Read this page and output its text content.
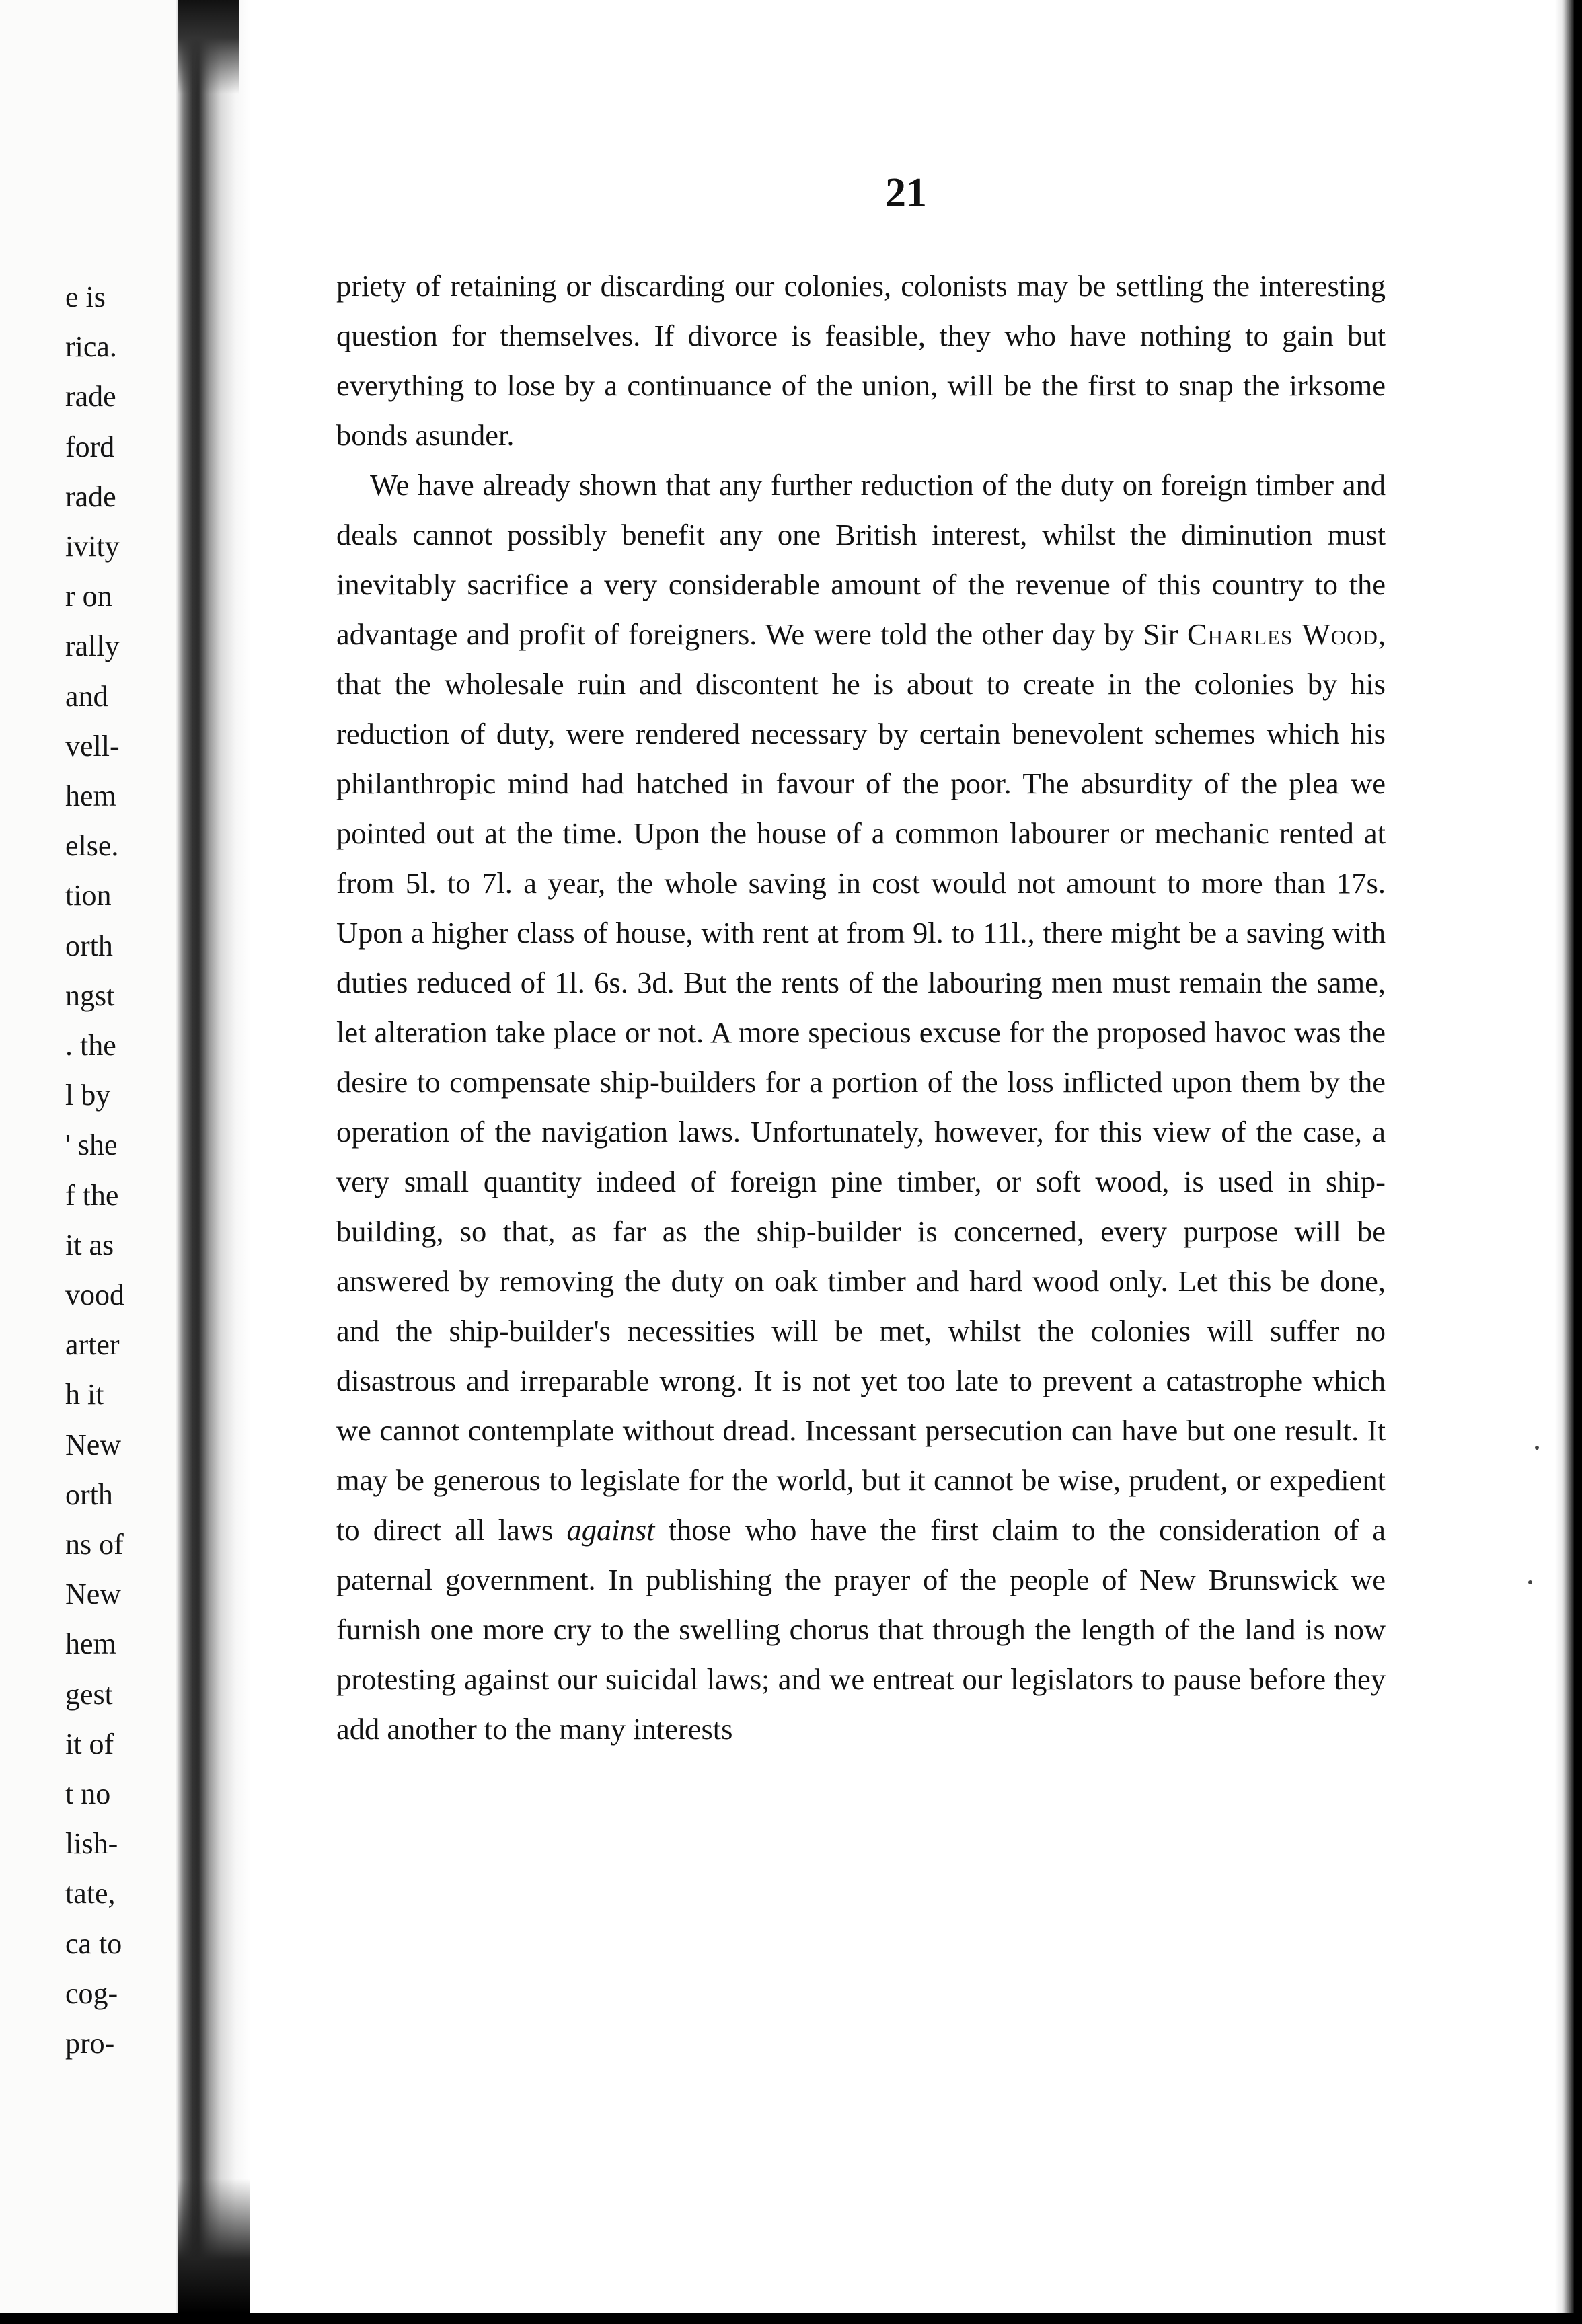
e is
rica.
rade
ford
rade
ivity
r on
rally
and
vell-
hem
else.
tion
orth
ngst
. the
l by
' she
f the
it as
vood
arter
h it
New
orth
ns of
New
hem
gest
it of
t no
lish-
tate,
ca to
cog-
pro-
21

priety of retaining or discarding our colonies, colonists may be settling the interesting question for themselves. If divorce is feasible, they who have nothing to gain but everything to lose by a continuance of the union, will be the first to snap the irksome bonds asunder.

We have already shown that any further reduction of the duty on foreign timber and deals cannot possibly benefit any one British interest, whilst the diminution must inevitably sacrifice a very considerable amount of the revenue of this country to the advantage and profit of foreigners. We were told the other day by Sir Charles Wood, that the wholesale ruin and discontent he is about to create in the colonies by his reduction of duty, were rendered necessary by certain benevolent schemes which his philanthropic mind had hatched in favour of the poor. The absurdity of the plea we pointed out at the time. Upon the house of a common labourer or mechanic rented at from 5l. to 7l. a year, the whole saving in cost would not amount to more than 17s. Upon a higher class of house, with rent at from 9l. to 11l., there might be a saving with duties reduced of 1l. 6s. 3d. But the rents of the labouring men must remain the same, let alteration take place or not. A more specious excuse for the proposed havoc was the desire to compensate ship-builders for a portion of the loss inflicted upon them by the operation of the navigation laws. Unfortunately, however, for this view of the case, a very small quantity indeed of foreign pine timber, or soft wood, is used in ship-building, so that, as far as the ship-builder is concerned, every purpose will be answered by removing the duty on oak timber and hard wood only. Let this be done, and the ship-builder's necessities will be met, whilst the colonies will suffer no disastrous and irreparable wrong. It is not yet too late to prevent a catastrophe which we cannot contemplate without dread. Incessant persecution can have but one result. It may be generous to legislate for the world, but it cannot be wise, prudent, or expedient to direct all laws against those who have the first claim to the consideration of a paternal government. In publishing the prayer of the people of New Brunswick we furnish one more cry to the swelling chorus that through the length of the land is now protesting against our suicidal laws; and we entreat our legislators to pause before they add another to the many interests
